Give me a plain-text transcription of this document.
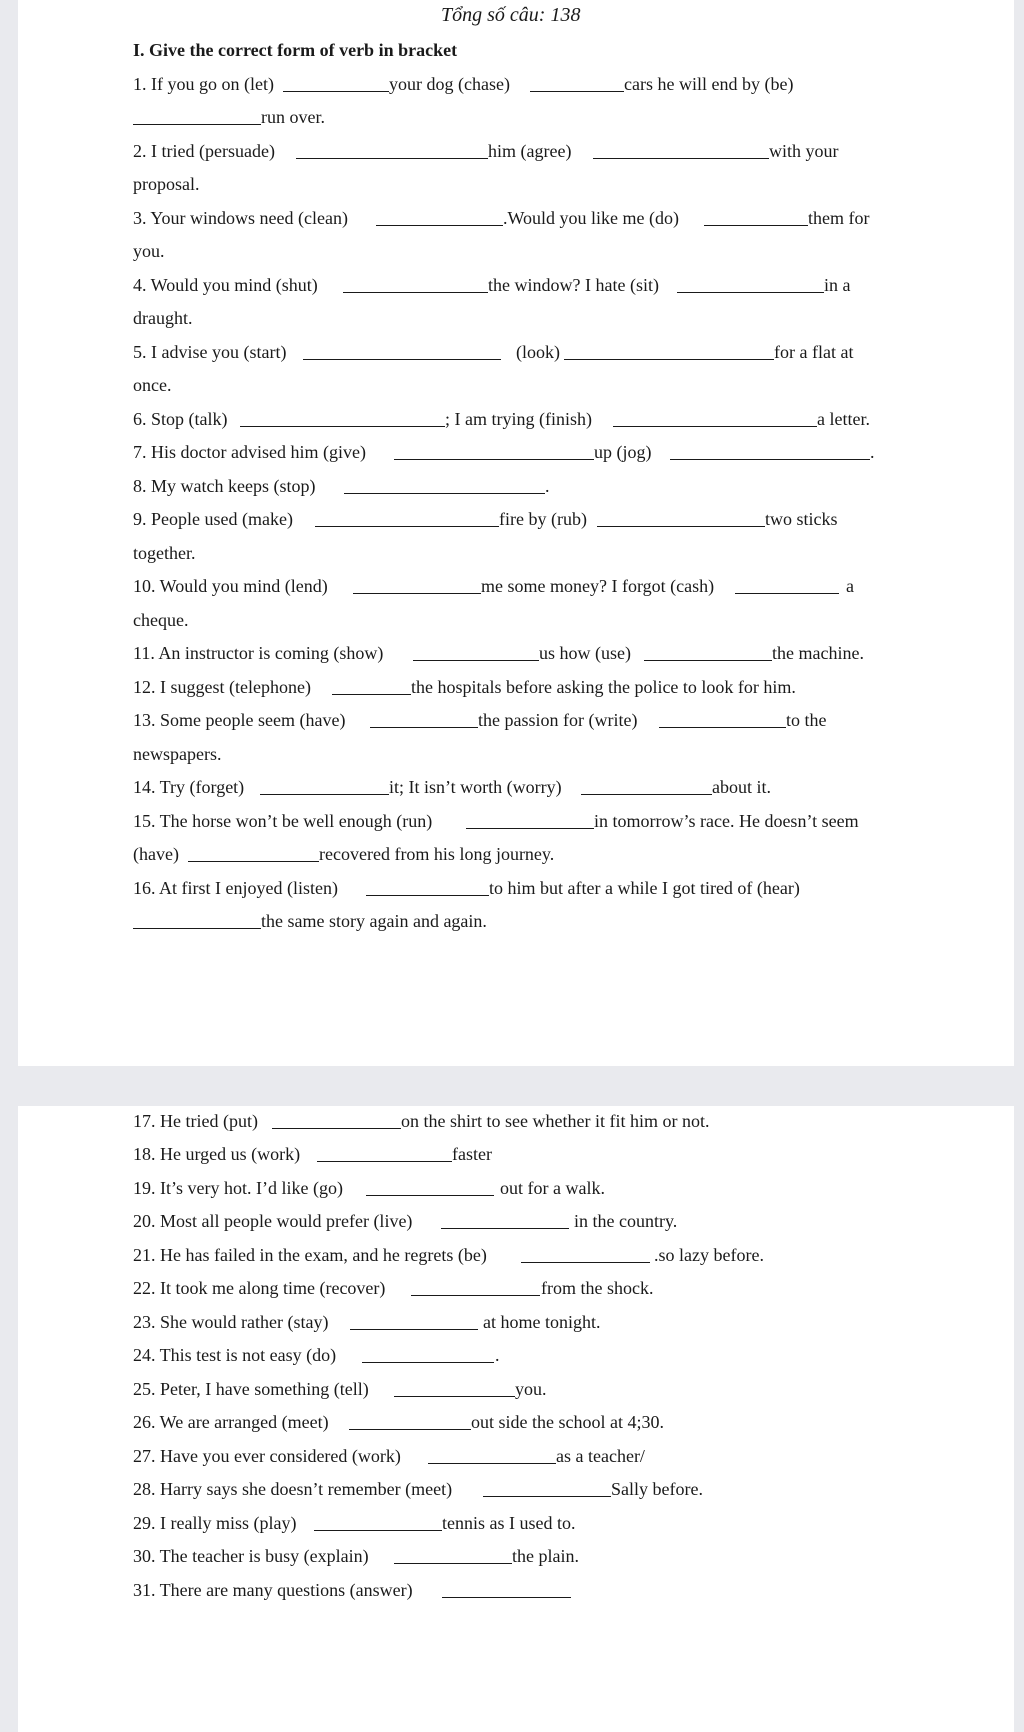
Tổng số câu: 138
I. Give the correct form of verb in bracket
1. If you go on (let)	your dog (chase)	cars he will end by (be)
run over.
2. I tried (persuade)	him (agree)	with your
proposal.
3. Your windows need (clean)	.Would you like me (do)	them for
you.
4. Would you mind (shut)	the window? I hate (sit)	in a
draught.
5. I advise you (start)	(look)	for a flat at
once.
6. Stop (talk)	; I am trying (finish)	a letter.
7. His doctor advised him (give)	up (jog)	.
8. My watch keeps (stop)	.
9. People used (make)	fire by (rub)	two sticks
together.
10. Would you mind (lend)	me some money? I forgot (cash)	a
cheque.
11. An instructor is coming (show)	us how (use)	the machine.
12. I suggest (telephone)	the hospitals before asking the police to look for him.
13. Some people seem (have)	the passion for (write)	to the
newspapers.
14. Try (forget)	it; It isn’t worth (worry)	about it.
15. The horse won’t be well enough (run)	in tomorrow’s race. He doesn’t seem
(have)	recovered from his long journey.
16. At first I enjoyed (listen)	to him but after a while I got tired of (hear)
the same story again and again.
17. He tried (put)	on the shirt to see whether it fit him or not.
18. He urged us (work)	faster
19. It’s very hot. I’d like (go)	out for a walk.
20. Most all people would prefer (live)	in the country.
21. He has failed in the exam, and he regrets (be)	.so lazy before.
22. It took me along time (recover)	from the shock.
23. She would rather (stay)	at home tonight.
24. This test is not easy (do)	.
25. Peter, I have something (tell)	you.
26. We are arranged (meet)	out side the school at 4;30.
27. Have you ever considered (work)	as a teacher/
28. Harry says she doesn’t remember (meet)	Sally before.
29. I really miss (play)	tennis as I used to.
30. The teacher is busy (explain)	the plain.
31. There are many questions (answer)
